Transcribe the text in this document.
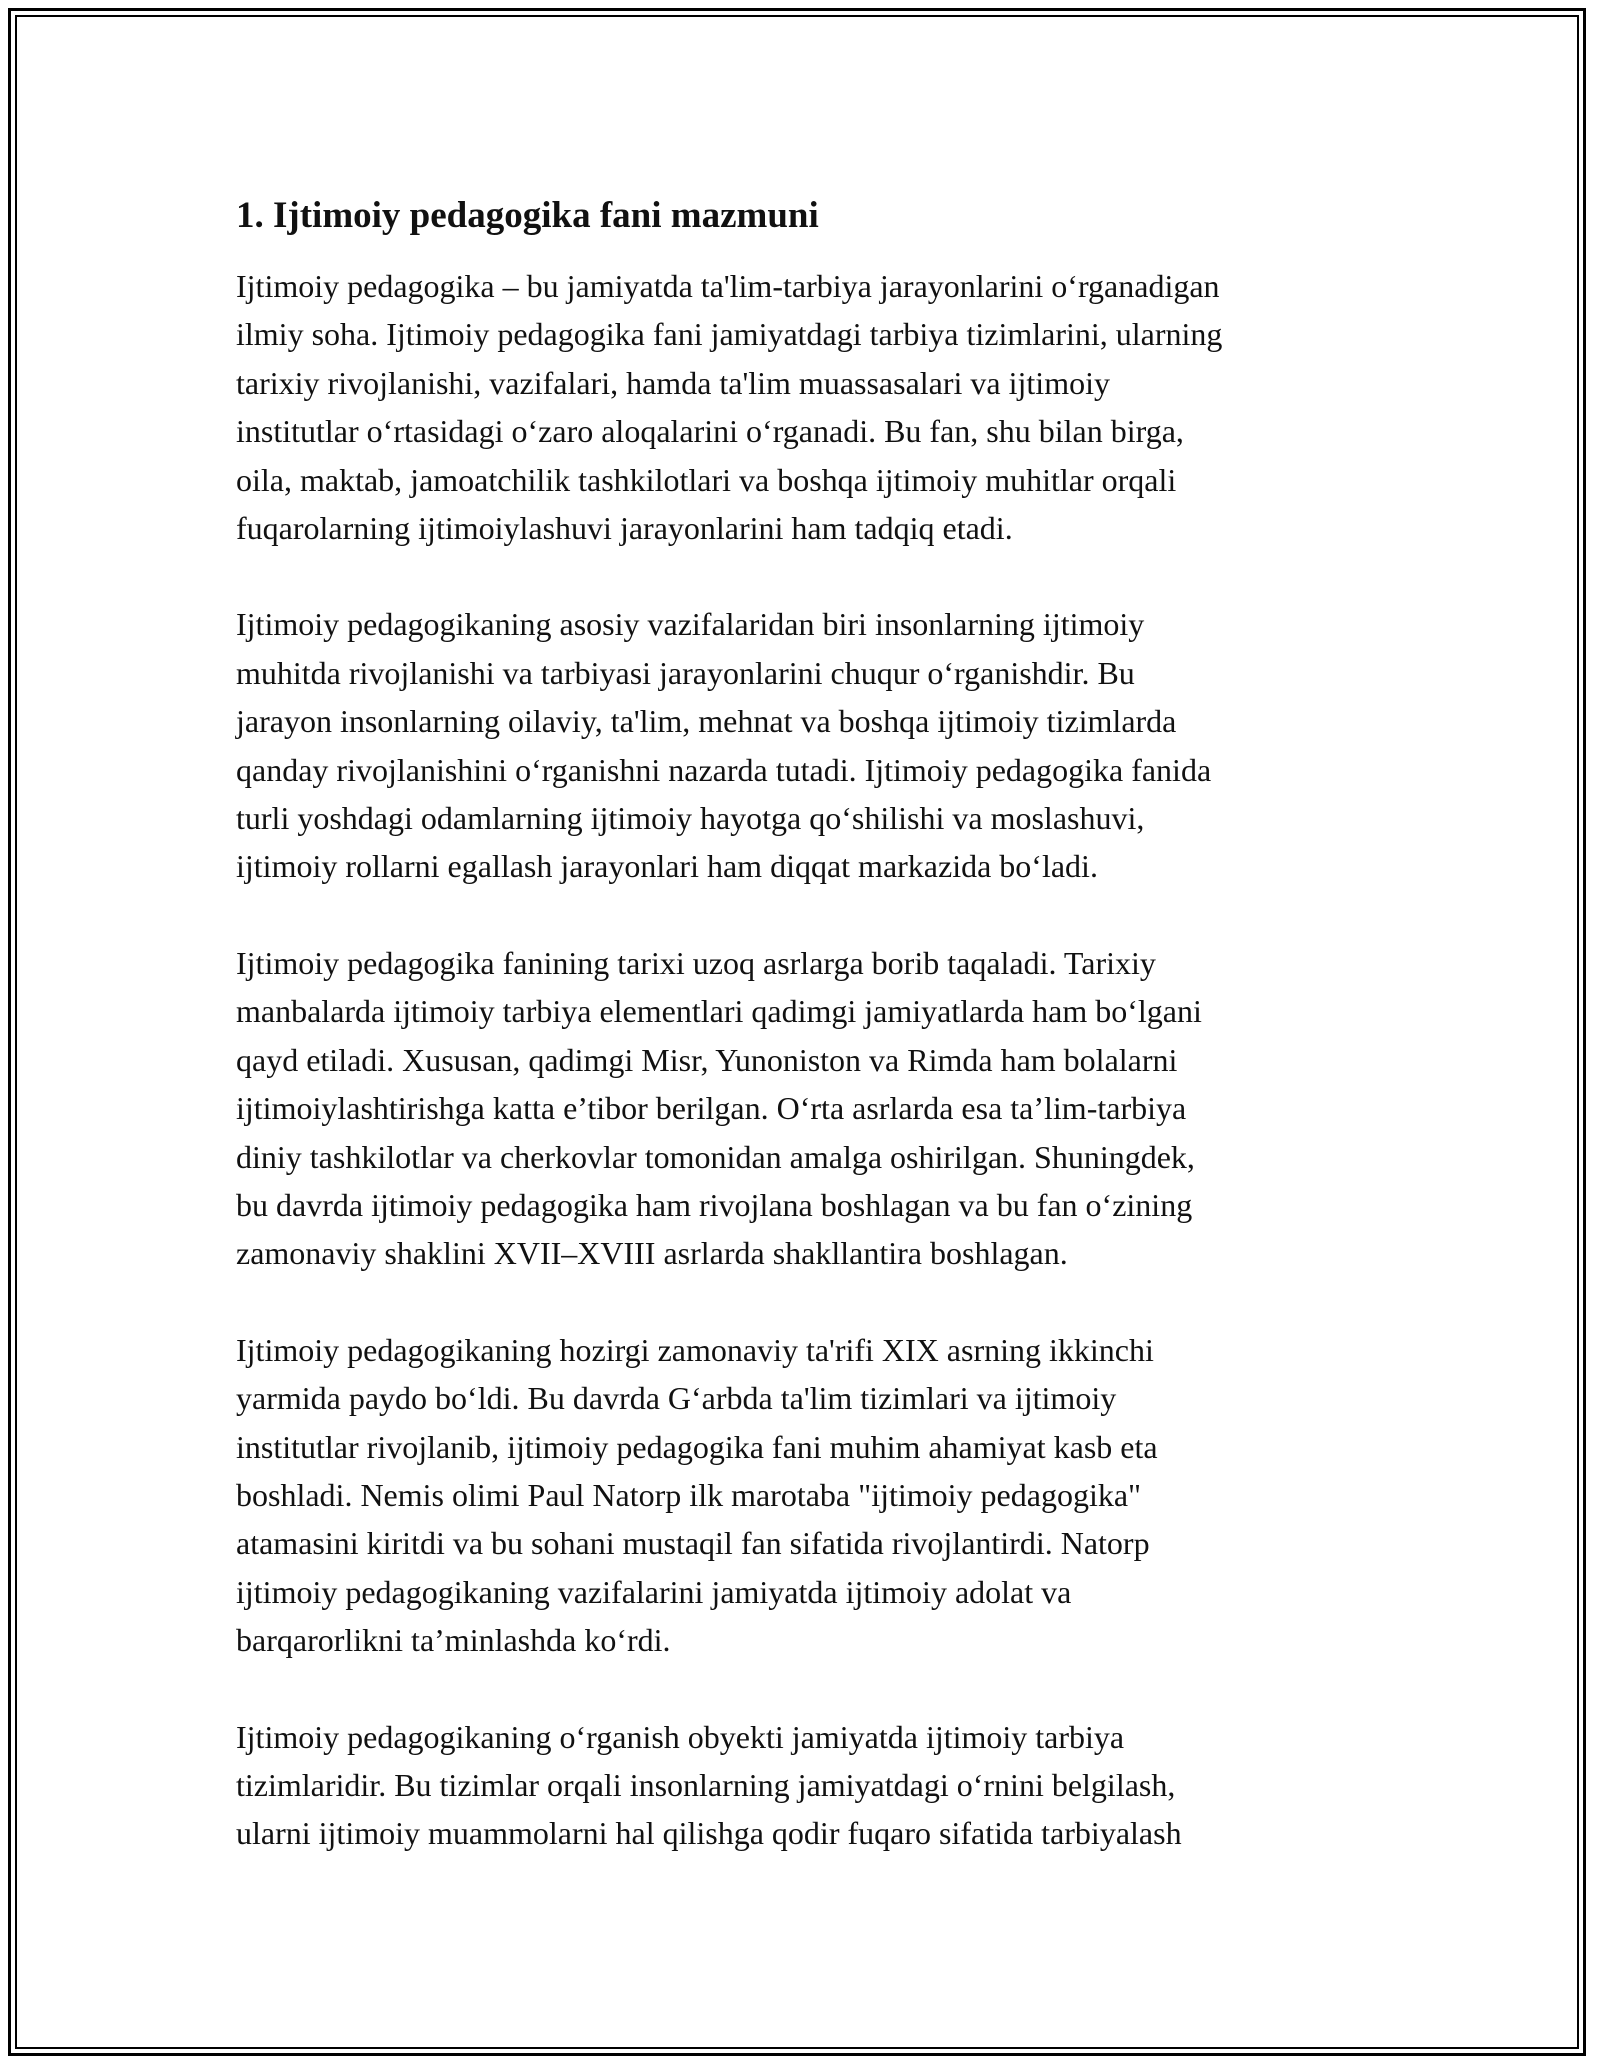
1. Ijtimoiy pedagogika fani mazmuni

Ijtimoiy pedagogika – bu jamiyatda ta'lim-tarbiya jarayonlarini o‘rganadigan
ilmiy soha. Ijtimoiy pedagogika fani jamiyatdagi tarbiya tizimlarini, ularning
tarixiy rivojlanishi, vazifalari, hamda ta'lim muassasalari va ijtimoiy
institutlar o‘rtasidagi o‘zaro aloqalarini o‘rganadi. Bu fan, shu bilan birga,
oila, maktab, jamoatchilik tashkilotlari va boshqa ijtimoiy muhitlar orqali
fuqarolarning ijtimoiylashuvi jarayonlarini ham tadqiq etadi.

Ijtimoiy pedagogikaning asosiy vazifalaridan biri insonlarning ijtimoiy
muhitda rivojlanishi va tarbiyasi jarayonlarini chuqur o‘rganishdir. Bu
jarayon insonlarning oilaviy, ta'lim, mehnat va boshqa ijtimoiy tizimlarda
qanday rivojlanishini o‘rganishni nazarda tutadi. Ijtimoiy pedagogika fanida
turli yoshdagi odamlarning ijtimoiy hayotga qo‘shilishi va moslashuvi,
ijtimoiy rollarni egallash jarayonlari ham diqqat markazida bo‘ladi.

Ijtimoiy pedagogika fanining tarixi uzoq asrlarga borib taqaladi. Tarixiy
manbalarda ijtimoiy tarbiya elementlari qadimgi jamiyatlarda ham bo‘lgani
qayd etiladi. Xususan, qadimgi Misr, Yunoniston va Rimda ham bolalarni
ijtimoiylashtirishga katta e’tibor berilgan. O‘rta asrlarda esa ta’lim-tarbiya
diniy tashkilotlar va cherkovlar tomonidan amalga oshirilgan. Shuningdek,
bu davrda ijtimoiy pedagogika ham rivojlana boshlagan va bu fan o‘zining
zamonaviy shaklini XVII–XVIII asrlarda shakllantira boshlagan.

Ijtimoiy pedagogikaning hozirgi zamonaviy ta'rifi XIX asrning ikkinchi
yarmida paydo bo‘ldi. Bu davrda G‘arbda ta'lim tizimlari va ijtimoiy
institutlar rivojlanib, ijtimoiy pedagogika fani muhim ahamiyat kasb eta
boshladi. Nemis olimi Paul Natorp ilk marotaba "ijtimoiy pedagogika"
atamasini kiritdi va bu sohani mustaqil fan sifatida rivojlantirdi. Natorp
ijtimoiy pedagogikaning vazifalarini jamiyatda ijtimoiy adolat va
barqarorlikni ta’minlashda ko‘rdi.

Ijtimoiy pedagogikaning o‘rganish obyekti jamiyatda ijtimoiy tarbiya
tizimlaridir. Bu tizimlar orqali insonlarning jamiyatdagi o‘rnini belgilash,
ularni ijtimoiy muammolarni hal qilishga qodir fuqaro sifatida tarbiyalash
